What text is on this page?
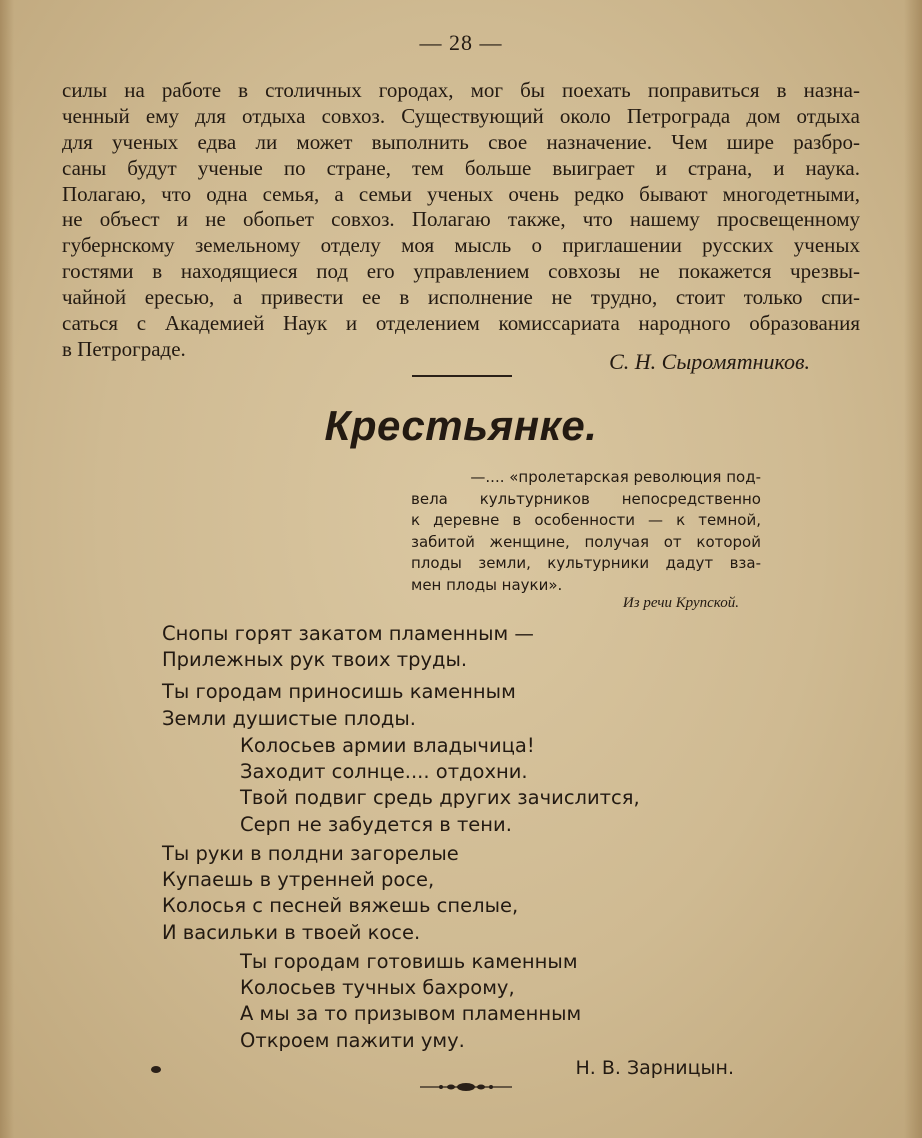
— 28 —
силы на работе в столичных городах, мог бы поехать поправиться в назна-
ченный ему для отдыха совхоз. Существующий около Петрограда дом отдыха
для ученых едва ли может выполнить свое назначение. Чем шире разбро-
саны будут ученые по стране, тем больше выиграет и страна, и наука.
Полагаю, что одна семья, а семьи ученых очень редко бывают многодетными,
не объест и не обопьет совхоз. Полагаю также, что нашему просвещенному
губернскому земельному отделу моя мысль о приглашении русских ученых
гостями в находящиеся под его управлением совхозы не покажется чрезвы-
чайной ересью, а привести ее в исполнение не трудно, стоит только спи-
саться с Академией Наук и отделением комиссариата народного образования
в Петрограде.
С. Н. Сыромятников.
Крестьянке.
—.... «пролетарская революция под-
вела культурников непосредственно
к деревне в особенности — к темной,
забитой женщине, получая от которой
плоды земли, культурники дадут вза-
мен плоды науки».
Из речи Крупской.
Снопы горят закатом пламенным —
Прилежных рук твоих труды.
Ты городам приносишь каменным
Земли душистые плоды.
Колосьев армии владычица!
Заходит солнце.... отдохни.
Твой подвиг средь других зачислится,
Серп не забудется в тени.
Ты руки в полдни загорелые
Купаешь в утренней росе,
Колосья с песней вяжешь спелые,
И васильки в твоей косе.
Ты городам готовишь каменным
Колосьев тучных бахрому,
А мы за то призывом пламенным
Откроем пажити уму.
Н. В. Зарницын.
